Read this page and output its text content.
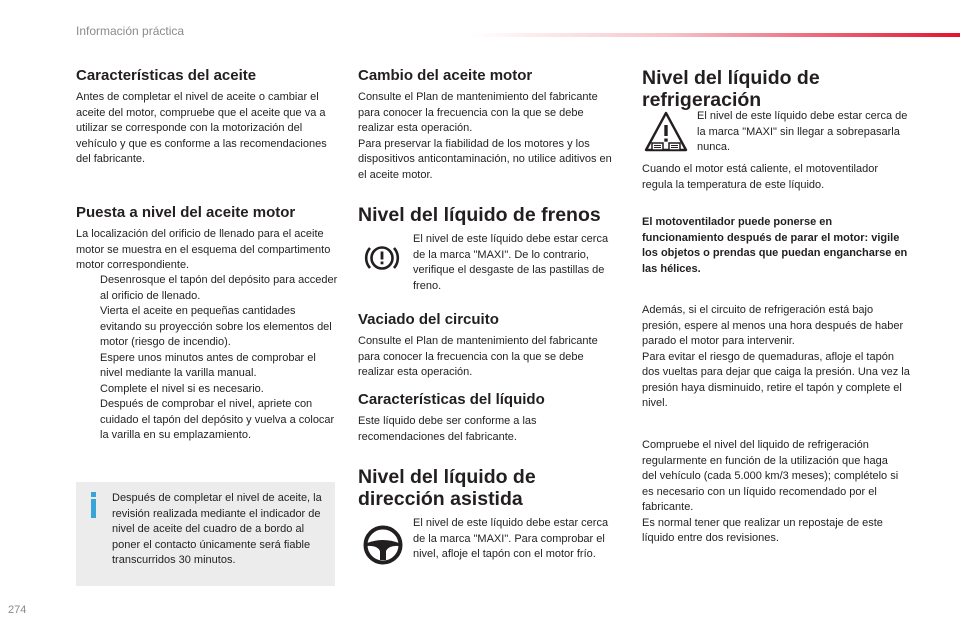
Información práctica
274
Características del aceite

Antes de completar el nivel de aceite o cambiar el aceite del motor, compruebe que el aceite que va a utilizar se corresponde con la motorización del vehículo y que es conforme a las recomendaciones del fabricante.

Puesta a nivel del aceite motor

La localización del orificio de llenado para el aceite motor se muestra en el esquema del compartimento motor correspondiente.

Desenrosque el tapón del depósito para acceder al orificio de llenado.
Vierta el aceite en pequeñas cantidades evitando su proyección sobre los elementos del motor (riesgo de incendio).
Espere unos minutos antes de comprobar el nivel mediante la varilla manual.
Complete el nivel si es necesario.
Después de comprobar el nivel, apriete con cuidado el tapón del depósito y vuelva a colocar la varilla en su emplazamiento.

Después de completar el nivel de aceite, la revisión realizada mediante el indicador de nivel de aceite del cuadro de a bordo al poner el contacto únicamente será fiable transcurridos 30 minutos.

Cambio del aceite motor

Consulte el Plan de mantenimiento del fabricante para conocer la frecuencia con la que se debe realizar esta operación.
Para preservar la fiabilidad de los motores y los dispositivos anticontaminación, no utilice aditivos en el aceite motor.

Nivel del líquido de frenos

El nivel de este líquido debe estar cerca de la marca "MAXI". De lo contrario, verifique el desgaste de las pastillas de freno.

Vaciado del circuito

Consulte el Plan de mantenimiento del fabricante para conocer la frecuencia con la que se debe realizar esta operación.

Características del líquido

Este líquido debe ser conforme a las recomendaciones del fabricante.

Nivel del líquido de dirección asistida

El nivel de este líquido debe estar cerca de la marca "MAXI". Para comprobar el nivel, afloje el tapón con el motor frío.

Nivel del líquido de refrigeración

El nivel de este líquido debe estar cerca de la marca "MAXI" sin llegar a sobrepasarla nunca.

Cuando el motor está caliente, el motoventilador regula la temperatura de este líquido.

El motoventilador puede ponerse en funcionamiento después de parar el motor: vigile los objetos o prendas que puedan engancharse en las hélices.

Además, si el circuito de refrigeración está bajo presión, espere al menos una hora después de haber parado el motor para intervenir.
Para evitar el riesgo de quemaduras, afloje el tapón dos vueltas para dejar que caiga la presión. Una vez la presión haya disminuido, retire el tapón y complete el nivel.

Compruebe el nivel del liquido de refrigeración regularmente en función de la utilización que haga del vehículo (cada 5.000 km/3 meses); complételo si es necesario con un líquido recomendado por el fabricante.
Es normal tener que realizar un repostaje de este líquido entre dos revisiones.
